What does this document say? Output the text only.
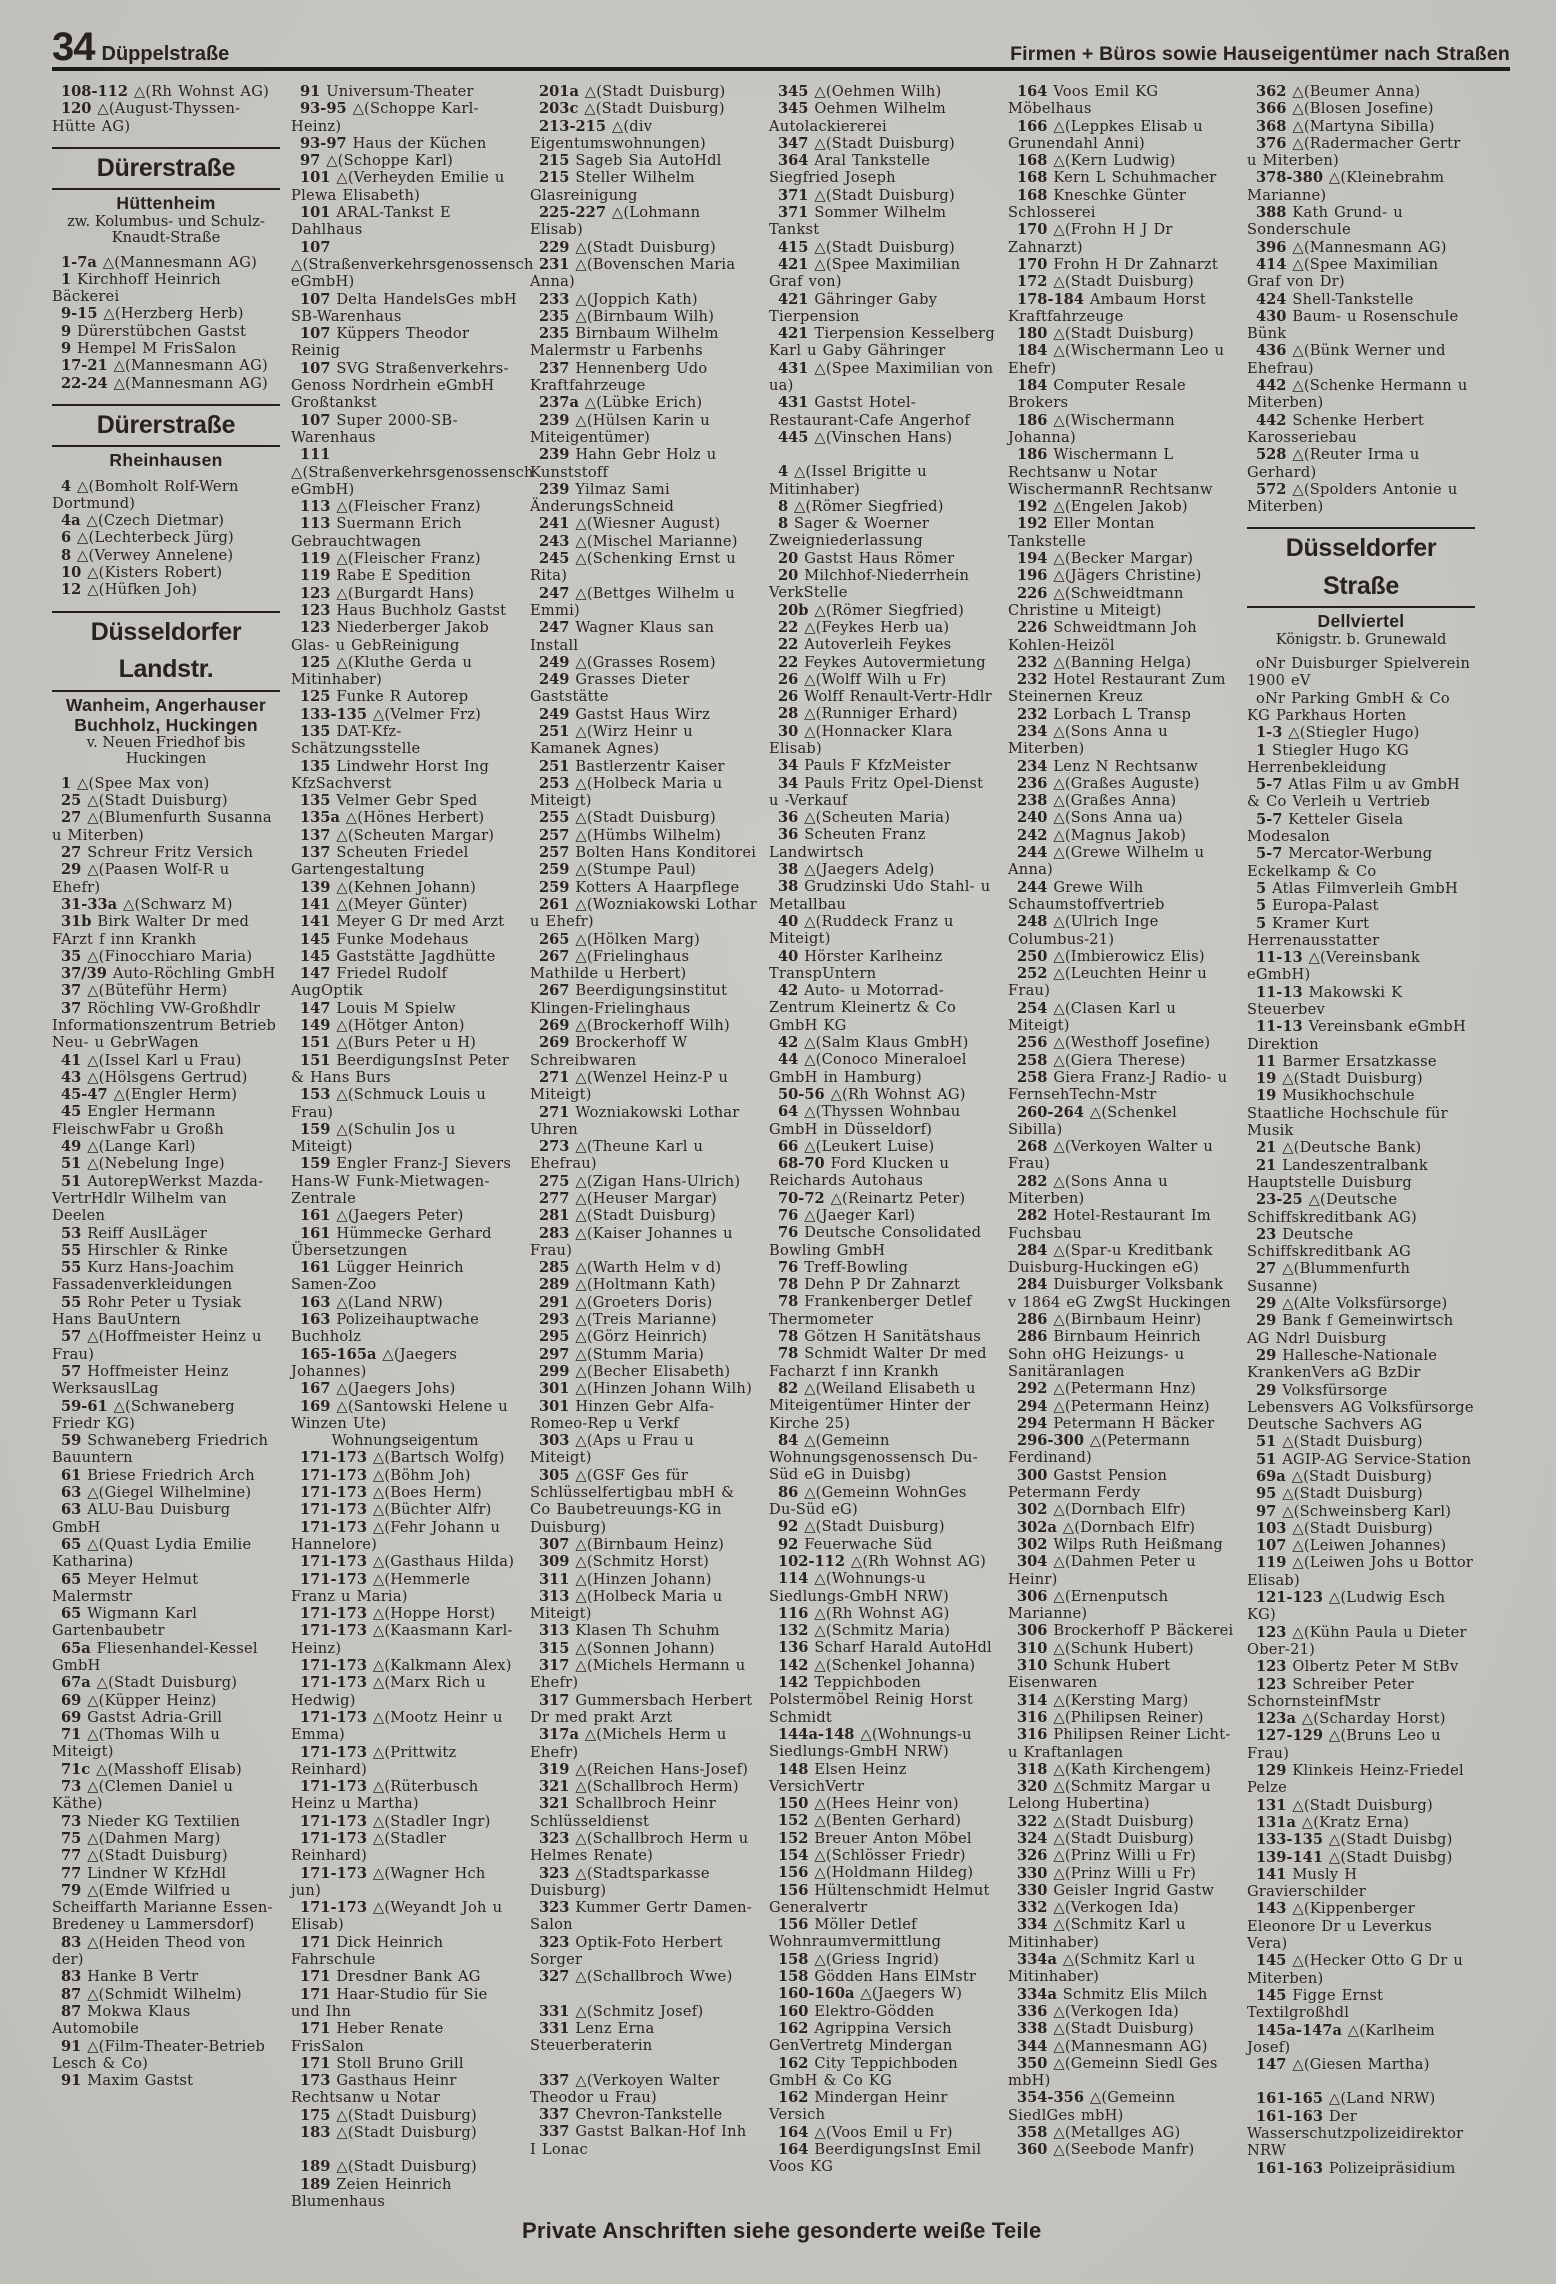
34 Düppelstraße	Firmen + Büros sowie Hauseigentümer nach Straßen

108-112 △(Rh Wohnst AG)

120 △(August-Thyssen-Hütte AG)

Dürerstraße
Hüttenheim
zw. Kolumbus- und Schulz-Knaudt-Straße

1-7a △(Mannesmann AG)

1 Kirchhoff Heinrich Bäckerei

9-15 △(Herzberg Herb)

9 Dürerstübchen Gastst

9 Hempel M FrisSalon

17-21 △(Mannesmann AG)

22-24 △(Mannesmann AG)

Dürerstraße
Rheinhausen

4 △(Bomholt Rolf-Wern Dortmund)

4a △(Czech Dietmar)

6 △(Lechterbeck Jürg)

8 △(Verwey Annelene)

10 △(Kisters Robert)

12 △(Hüfken Joh)

Düsseldorfer Landstr.
Wanheim, Angerhauser Buchholz, Huckingen
v. Neuen Friedhof bis Huckingen

1 △(Spee Max von)

25 △(Stadt Duisburg)

27 △(Blumenfurth Susanna u Miterben)

27 Schreur Fritz Versich

29 △(Paasen Wolf-R u Ehefr)

31-33a △(Schwarz M)

31b Birk Walter Dr med FArzt f inn Krankh

35 △(Finocchiaro Maria)

37/39 Auto-Röchling GmbH

37 △(Büteführ Herm)

37 Röchling VW-Großhdlr Informationszentrum Betrieb Neu- u GebrWagen

41 △(Issel Karl u Frau)

43 △(Hölsgens Gertrud)

45-47 △(Engler Herm)

45 Engler Hermann FleischwFabr u Großh

49 △(Lange Karl)

51 △(Nebelung Inge)

51 AutorepWerkst Mazda-VertrHdlr Wilhelm van Deelen

53 Reiff AuslLäger

55 Hirschler & Rinke

55 Kurz Hans-Joachim Fassadenverkleidungen

55 Rohr Peter u Tysiak Hans BauUntern

57 △(Hoffmeister Heinz u Frau)

57 Hoffmeister Heinz WerksauslLag

59-61 △(Schwaneberg Friedr KG)

59 Schwaneberg Friedrich Bauuntern

61 Briese Friedrich Arch

63 △(Giegel Wilhelmine)

63 ALU-Bau Duisburg GmbH

65 △(Quast Lydia Emilie Katharina)

65 Meyer Helmut Malermstr

65 Wigmann Karl Gartenbaubetr

65a Fliesenhandel-Kessel GmbH

67a △(Stadt Duisburg)

69 △(Küpper Heinz)

69 Gastst Adria-Grill

71 △(Thomas Wilh u Miteigt)

71c △(Masshoff Elisab)

73 △(Clemen Daniel u Käthe)

73 Nieder KG Textilien

75 △(Dahmen Marg)

77 △(Stadt Duisburg)

77 Lindner W KfzHdl

79 △(Emde Wilfried u Scheiffarth Marianne Essen-Bredeney u Lammersdorf)

83 △(Heiden Theod von der)

83 Hanke B Vertr

87 △(Schmidt Wilhelm)

87 Mokwa Klaus Automobile

91 △(Film-Theater-Betrieb Lesch & Co)

91 Maxim Gastst

91 Universum-Theater

93-95 △(Schoppe Karl-Heinz)

93-97 Haus der Küchen

97 △(Schoppe Karl)

101 △(Verheyden Emilie u Plewa Elisabeth)

101 ARAL-Tankst E Dahlhaus

107 △(Straßenverkehrsgenossensch eGmbH)

107 Delta HandelsGes mbH SB-Warenhaus

107 Küppers Theodor Reinig

107 SVG Straßenverkehrs-Genoss Nordrhein eGmbH Großtankst

107 Super 2000-SB-Warenhaus

111 △(Straßenverkehrsgenossensch eGmbH)

113 △(Fleischer Franz)

113 Suermann Erich Gebrauchtwagen

119 △(Fleischer Franz)

119 Rabe E Spedition

123 △(Burgardt Hans)

123 Haus Buchholz Gastst

123 Niederberger Jakob Glas- u GebReinigung

125 △(Kluthe Gerda u Mitinhaber)

125 Funke R Autorep

133-135 △(Velmer Frz)

135 DAT-Kfz-Schätzungsstelle

135 Lindwehr Horst Ing KfzSachverst

135 Velmer Gebr Sped

135a △(Hönes Herbert)

137 △(Scheuten Margar)

137 Scheuten Friedel Gartengestaltung

139 △(Kehnen Johann)

141 △(Meyer Günter)

141 Meyer G Dr med Arzt

145 Funke Modehaus

145 Gaststätte Jagdhütte

147 Friedel Rudolf AugOptik

147 Louis M Spielw

149 △(Hötger Anton)

151 △(Burs Peter u H)

151 BeerdigungsInst Peter & Hans Burs

153 △(Schmuck Louis u Frau)

159 △(Schulin Jos u Miteigt)

159 Engler Franz-J Sievers Hans-W Funk-Mietwagen-Zentrale

161 △(Jaegers Peter)

161 Hümmecke Gerhard Übersetzungen

161 Lügger Heinrich Samen-Zoo

163 △(Land NRW)

163 Polizeihauptwache Buchholz

165-165a △(Jaegers Johannes)

167 △(Jaegers Johs)

169 △(Santowski Helene u Winzen Ute)

Wohnungseigentum

171-173 △(Bartsch Wolfg)

171-173 △(Böhm Joh)

171-173 △(Boes Herm)

171-173 △(Büchter Alfr)

171-173 △(Fehr Johann u Hannelore)

171-173 △(Gasthaus Hilda)

171-173 △(Hemmerle Franz u Maria)

171-173 △(Hoppe Horst)

171-173 △(Kaasmann Karl-Heinz)

171-173 △(Kalkmann Alex)

171-173 △(Marx Rich u Hedwig)

171-173 △(Mootz Heinr u Emma)

171-173 △(Prittwitz Reinhard)

171-173 △(Rüterbusch Heinz u Martha)

171-173 △(Stadler Ingr)

171-173 △(Stadler Reinhard)

171-173 △(Wagner Hch jun)

171-173 △(Weyandt Joh u Elisab)

171 Dick Heinrich Fahrschule

171 Dresdner Bank AG

171 Haar-Studio für Sie und Ihn

171 Heber Renate FrisSalon

171 Stoll Bruno Grill

173 Gasthaus Heinr Rechtsanw u Notar

175 △(Stadt Duisburg)

183 △(Stadt Duisburg)

189 △(Stadt Duisburg)

189 Zeien Heinrich Blumenhaus

201a △(Stadt Duisburg)

203c △(Stadt Duisburg)

213-215 △(div Eigentumswohnungen)

215 Sageb Sia AutoHdl

215 Steller Wilhelm Glasreinigung

225-227 △(Lohmann Elisab)

229 △(Stadt Duisburg)

231 △(Bovenschen Maria Anna)

233 △(Joppich Kath)

235 △(Birnbaum Wilh)

235 Birnbaum Wilhelm Malermstr u Farbenhs

237 Hennenberg Udo Kraftfahrzeuge

237a △(Lübke Erich)

239 △(Hülsen Karin u Miteigentümer)

239 Hahn Gebr Holz u Kunststoff

239 Yilmaz Sami ÄnderungsSchneid

241 △(Wiesner August)

243 △(Mischel Marianne)

245 △(Schenking Ernst u Rita)

247 △(Bettges Wilhelm u Emmi)

247 Wagner Klaus san Install

249 △(Grasses Rosem)

249 Grasses Dieter Gaststätte

249 Gastst Haus Wirz

251 △(Wirz Heinr u Kamanek Agnes)

251 Bastlerzentr Kaiser

253 △(Holbeck Maria u Miteigt)

255 △(Stadt Duisburg)

257 △(Hümbs Wilhelm)

257 Bolten Hans Konditorei

259 △(Stumpe Paul)

259 Kotters A Haarpflege

261 △(Wozniakowski Lothar u Ehefr)

265 △(Hölken Marg)

267 △(Frielinghaus Mathilde u Herbert)

267 Beerdigungsinstitut Klingen-Frielinghaus

269 △(Brockerhoff Wilh)

269 Brockerhoff W Schreibwaren

271 △(Wenzel Heinz-P u Miteigt)

271 Wozniakowski Lothar Uhren

273 △(Theune Karl u Ehefrau)

275 △(Zigan Hans-Ulrich)

277 △(Heuser Margar)

281 △(Stadt Duisburg)

283 △(Kaiser Johannes u Frau)

285 △(Warth Helm v d)

289 △(Holtmann Kath)

291 △(Groeters Doris)

293 △(Treis Marianne)

295 △(Görz Heinrich)

297 △(Stumm Maria)

299 △(Becher Elisabeth)

301 △(Hinzen Johann Wilh)

301 Hinzen Gebr Alfa-Romeo-Rep u Verkf

303 △(Aps u Frau u Miteigt)

305 △(GSF Ges für Schlüsselfertigbau mbH & Co Baubetreuungs-KG in Duisburg)

307 △(Birnbaum Heinz)

309 △(Schmitz Horst)

311 △(Hinzen Johann)

313 △(Holbeck Maria u Miteigt)

313 Klasen Th Schuhm

315 △(Sonnen Johann)

317 △(Michels Hermann u Ehefr)

317 Gummersbach Herbert Dr med prakt Arzt

317a △(Michels Herm u Ehefr)

319 △(Reichen Hans-Josef)

321 △(Schallbroch Herm)

321 Schallbroch Heinr Schlüsseldienst

323 △(Schallbroch Herm u Helmes Renate)

323 △(Stadtsparkasse Duisburg)

323 Kummer Gertr Damen-Salon

323 Optik-Foto Herbert Sorger

327 △(Schallbroch Wwe)

331 △(Schmitz Josef)

331 Lenz Erna Steuerberaterin

337 △(Verkoyen Walter Theodor u Frau)

337 Chevron-Tankstelle

337 Gastst Balkan-Hof Inh I Lonac

345 △(Oehmen Wilh)

345 Oehmen Wilhelm Autolackiererei

347 △(Stadt Duisburg)

364 Aral Tankstelle Siegfried Joseph

371 △(Stadt Duisburg)

371 Sommer Wilhelm Tankst

415 △(Stadt Duisburg)

421 △(Spee Maximilian Graf von)

421 Gähringer Gaby Tierpension

421 Tierpension Kesselberg Karl u Gaby Gähringer

431 △(Spee Maximilian von ua)

431 Gastst Hotel-Restaurant-Cafe Angerhof

445 △(Vinschen Hans)

4 △(Issel Brigitte u Mitinhaber)

8 △(Römer Siegfried)

8 Sager & Woerner Zweigniederlassung

20 Gastst Haus Römer

20 Milchhof-Niederrhein VerkStelle

20b △(Römer Siegfried)

22 △(Feykes Herb ua)

22 Autoverleih Feykes

22 Feykes Autovermietung

26 △(Wolff Wilh u Fr)

26 Wolff Renault-Vertr-Hdlr

28 △(Runniger Erhard)

30 △(Honnacker Klara Elisab)

34 Pauls F KfzMeister

34 Pauls Fritz Opel-Dienst u -Verkauf

36 △(Scheuten Maria)

36 Scheuten Franz Landwirtsch

38 △(Jaegers Adelg)

38 Grudzinski Udo Stahl- u Metallbau

40 △(Ruddeck Franz u Miteigt)

40 Hörster Karlheinz TranspUntern

42 Auto- u Motorrad-Zentrum Kleinertz & Co GmbH KG

42 △(Salm Klaus GmbH)

44 △(Conoco Mineraloel GmbH in Hamburg)

50-56 △(Rh Wohnst AG)

64 △(Thyssen Wohnbau GmbH in Düsseldorf)

66 △(Leukert Luise)

68-70 Ford Klucken u Reichards Autohaus

70-72 △(Reinartz Peter)

76 △(Jaeger Karl)

76 Deutsche Consolidated Bowling GmbH

76 Treff-Bowling

78 Dehn P Dr Zahnarzt

78 Frankenberger Detlef Thermometer

78 Götzen H Sanitätshaus

78 Schmidt Walter Dr med Facharzt f inn Krankh

82 △(Weiland Elisabeth u Miteigentümer Hinter der Kirche 25)

84 △(Gemeinn Wohnungsgenossensch Du-Süd eG in Duisbg)

86 △(Gemeinn WohnGes Du-Süd eG)

92 △(Stadt Duisburg)

92 Feuerwache Süd

102-112 △(Rh Wohnst AG)

114 △(Wohnungs-u Siedlungs-GmbH NRW)

116 △(Rh Wohnst AG)

132 △(Schmitz Maria)

136 Scharf Harald AutoHdl

142 △(Schenkel Johanna)

142 Teppichboden Polstermöbel Reinig Horst Schmidt

144a-148 △(Wohnungs-u Siedlungs-GmbH NRW)

148 Elsen Heinz VersichVertr

150 △(Hees Heinr von)

152 △(Benten Gerhard)

152 Breuer Anton Möbel

154 △(Schlösser Friedr)

156 △(Holdmann Hildeg)

156 Hültenschmidt Helmut Generalvertr

156 Möller Detlef Wohnraumvermittlung

158 △(Griess Ingrid)

158 Gödden Hans ElMstr

160-160a △(Jaegers W)

160 Elektro-Gödden

162 Agrippina Versich GenVertretg Mindergan

162 City Teppichboden GmbH & Co KG

162 Mindergan Heinr Versich

164 △(Voos Emil u Fr)

164 BeerdigungsInst Emil Voos KG

164 Voos Emil KG Möbelhaus

166 △(Leppkes Elisab u Grunendahl Anni)

168 △(Kern Ludwig)

168 Kern L Schuhmacher

168 Kneschke Günter Schlosserei

170 △(Frohn H J Dr Zahnarzt)

170 Frohn H Dr Zahnarzt

172 △(Stadt Duisburg)

178-184 Ambaum Horst Kraftfahrzeuge

180 △(Stadt Duisburg)

184 △(Wischermann Leo u Ehefr)

184 Computer Resale Brokers

186 △(Wischermann Johanna)

186 Wischermann L Rechtsanw u Notar WischermannR Rechtsanw

192 △(Engelen Jakob)

192 Eller Montan Tankstelle

194 △(Becker Margar)

196 △(Jägers Christine)

226 △(Schweidtmann Christine u Miteigt)

226 Schweidtmann Joh Kohlen-Heizöl

232 △(Banning Helga)

232 Hotel Restaurant Zum Steinernen Kreuz

232 Lorbach L Transp

234 △(Sons Anna u Miterben)

234 Lenz N Rechtsanw

236 △(Graßes Auguste)

238 △(Graßes Anna)

240 △(Sons Anna ua)

242 △(Magnus Jakob)

244 △(Grewe Wilhelm u Anna)

244 Grewe Wilh Schaumstoffvertrieb

248 △(Ulrich Inge Columbus-21)

250 △(Imbierowicz Elis)

252 △(Leuchten Heinr u Frau)

254 △(Clasen Karl u Miteigt)

256 △(Westhoff Josefine)

258 △(Giera Therese)

258 Giera Franz-J Radio- u FernsehTechn-Mstr

260-264 △(Schenkel Sibilla)

268 △(Verkoyen Walter u Frau)

282 △(Sons Anna u Miterben)

282 Hotel-Restaurant Im Fuchsbau

284 △(Spar-u Kreditbank Duisburg-Huckingen eG)

284 Duisburger Volksbank v 1864 eG ZwgSt Huckingen

286 △(Birnbaum Heinr)

286 Birnbaum Heinrich Sohn oHG Heizungs- u Sanitäranlagen

292 △(Petermann Hnz)

294 △(Petermann Heinz)

294 Petermann H Bäcker

296-300 △(Petermann Ferdinand)

300 Gastst Pension Petermann Ferdy

302 △(Dornbach Elfr)

302a △(Dornbach Elfr)

302 Wilps Ruth Heißmang

304 △(Dahmen Peter u Heinr)

306 △(Ernenputsch Marianne)

306 Brockerhoff P Bäckerei

310 △(Schunk Hubert)

310 Schunk Hubert Eisenwaren

314 △(Kersting Marg)

316 △(Philipsen Reiner)

316 Philipsen Reiner Licht- u Kraftanlagen

318 △(Kath Kirchengem)

320 △(Schmitz Margar u Lelong Hubertina)

322 △(Stadt Duisburg)

324 △(Stadt Duisburg)

326 △(Prinz Willi u Fr)

330 △(Prinz Willi u Fr)

330 Geisler Ingrid Gastw

332 △(Verkogen Ida)

334 △(Schmitz Karl u Mitinhaber)

334a △(Schmitz Karl u Mitinhaber)

334a Schmitz Elis Milch

336 △(Verkogen Ida)

338 △(Stadt Duisburg)

344 △(Mannesmann AG)

350 △(Gemeinn Siedl Ges mbH)

354-356 △(Gemeinn SiedlGes mbH)

358 △(Metallges AG)

360 △(Seebode Manfr)

362 △(Beumer Anna)

366 △(Blosen Josefine)

368 △(Martyna Sibilla)

376 △(Radermacher Gertr u Miterben)

378-380 △(Kleinebrahm Marianne)

388 Kath Grund- u Sonderschule

396 △(Mannesmann AG)

414 △(Spee Maximilian Graf von Dr)

424 Shell-Tankstelle

430 Baum- u Rosenschule Bünk

436 △(Bünk Werner und Ehefrau)

442 △(Schenke Hermann u Miterben)

442 Schenke Herbert Karosseriebau

528 △(Reuter Irma u Gerhard)

572 △(Spolders Antonie u Miterben)

Düsseldorfer Straße
Dellviertel
Königstr. b. Grunewald

oNr Duisburger Spielverein 1900 eV

oNr Parking GmbH & Co KG Parkhaus Horten

1-3 △(Stiegler Hugo)

1 Stiegler Hugo KG Herrenbekleidung

5-7 Atlas Film u av GmbH & Co Verleih u Vertrieb

5-7 Ketteler Gisela Modesalon

5-7 Mercator-Werbung Eckelkamp & Co

5 Atlas Filmverleih GmbH

5 Europa-Palast

5 Kramer Kurt Herrenausstatter

11-13 △(Vereinsbank eGmbH)

11-13 Makowski K Steuerbev

11-13 Vereinsbank eGmbH Direktion

11 Barmer Ersatzkasse

19 △(Stadt Duisburg)

19 Musikhochschule Staatliche Hochschule für Musik

21 △(Deutsche Bank)

21 Landeszentralbank Hauptstelle Duisburg

23-25 △(Deutsche Schiffskreditbank AG)

23 Deutsche Schiffskreditbank AG

27 △(Blummenfurth Susanne)

29 △(Alte Volksfürsorge)

29 Bank f Gemeinwirtsch AG Ndrl Duisburg

29 Hallesche-Nationale KrankenVers aG BzDir

29 Volksfürsorge Lebensvers AG Volksfürsorge Deutsche Sachvers AG

51 △(Stadt Duisburg)

51 AGIP-AG Service-Station

69a △(Stadt Duisburg)

95 △(Stadt Duisburg)

97 △(Schweinsberg Karl)

103 △(Stadt Duisburg)

107 △(Leiwen Johannes)

119 △(Leiwen Johs u Bottor Elisab)

121-123 △(Ludwig Esch KG)

123 △(Kühn Paula u Dieter Ober-21)

123 Olbertz Peter M StBv

123 Schreiber Peter SchornsteinfMstr

123a △(Scharday Horst)

127-129 △(Bruns Leo u Frau)

129 Klinkeis Heinz-Friedel Pelze

131 △(Stadt Duisburg)

131a △(Kratz Erna)

133-135 △(Stadt Duisbg)

139-141 △(Stadt Duisbg)

141 Musly H Gravierschilder

143 △(Kippenberger Eleonore Dr u Leverkus Vera)

145 △(Hecker Otto G Dr u Miterben)

145 Figge Ernst Textilgroßhdl

145a-147a △(Karlheim Josef)

147 △(Giesen Martha)

161-165 △(Land NRW)

161-163 Der Wasserschutzpolizeidirektor NRW

161-163 Polizeipräsidium

Private Anschriften siehe gesonderte weiße Teile
